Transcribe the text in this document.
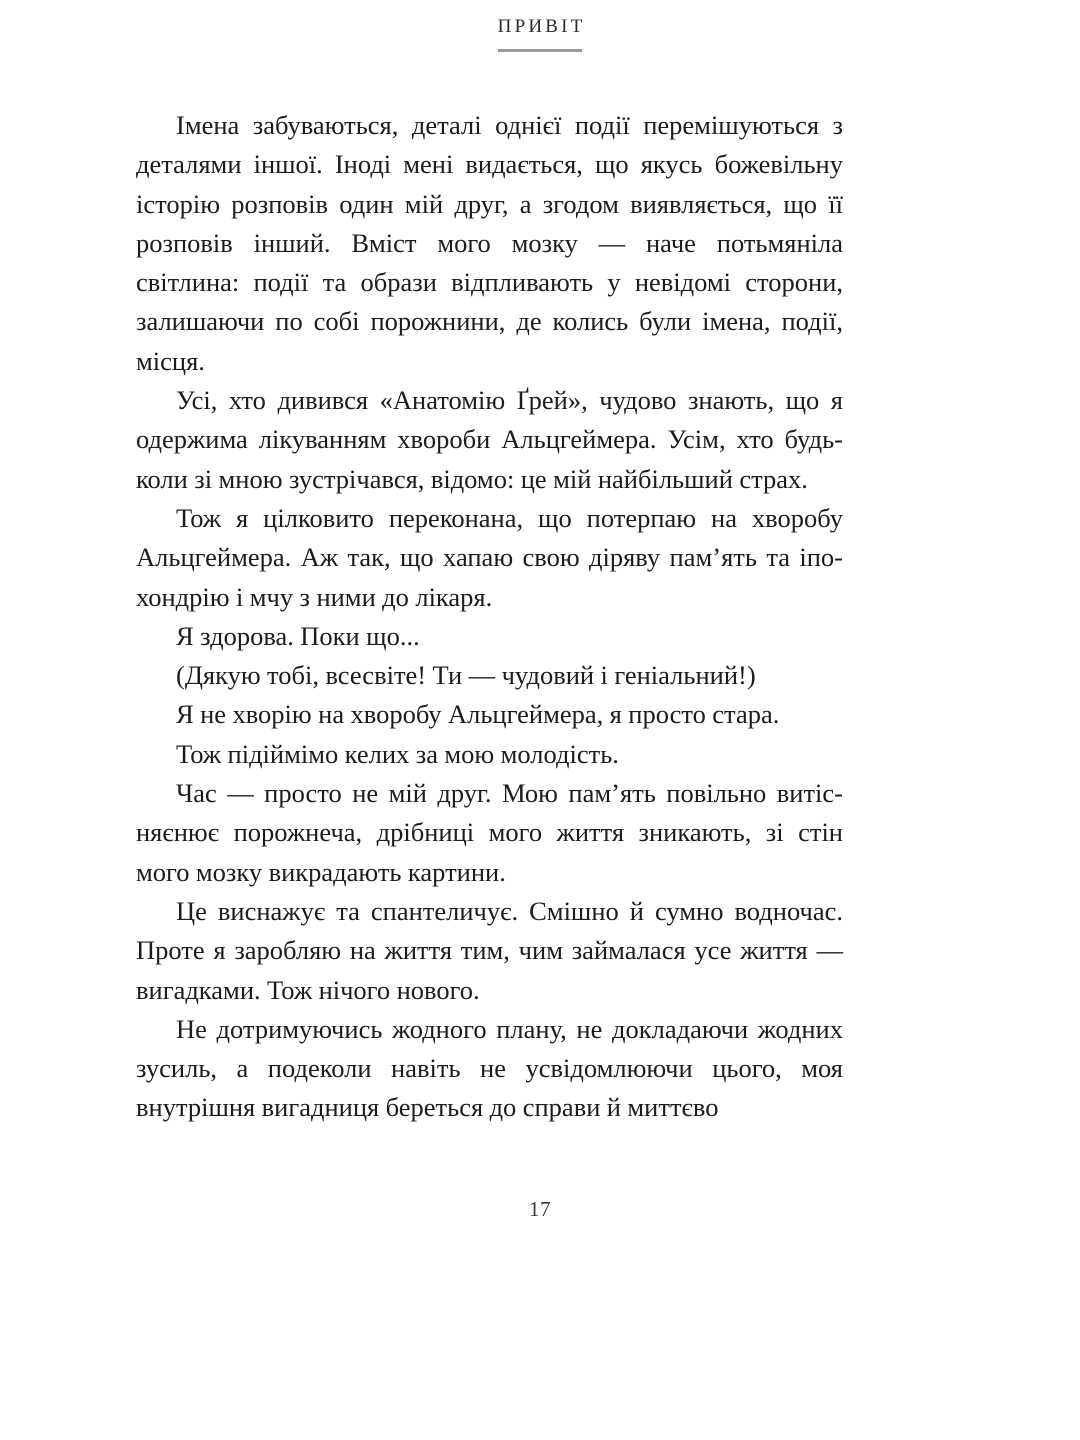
ПРИВІТ

Імена забуваються, деталі однієї події перемішуються з деталями іншої. Іноді мені видається, що якусь божевільну історію розповів один мій друг, а згодом виявляється, що її розповів інший. Вміст мого мозку — наче потьмяніла світлина: події та образи відпливають у невідомі сторони, залишаючи по собі порожнини, де колись були імена, події, місця.

Усі, хто дивився «Анатомію Ґрей», чудово знають, що я одержима лікуванням хвороби Альцгеймера. Усім, хто будь-коли зі мною зустрічався, відомо: це мій найбільший страх.

Тож я цілковито переконана, що потерпаю на хворобу Альцгеймера. Аж так, що хапаю свою діряву пам’ять та іпохондрію і мчу з ними до лікаря.

Я здорова. Поки що...

(Дякую тобі, всесвіте! Ти — чудовий і геніальний!)

Я не хворію на хворобу Альцгеймера, я просто стара.

Тож підіймімо келих за мою молодість.

Час — просто не мій друг. Мою пам’ять повільно витісняєнює порожнеча, дрібниці мого життя зникають, зі стін мого мозку викрадають картини.

Це виснажує та спантеличує. Смішно й сумно водночас. Проте я заробляю на життя тим, чим займалася усе життя — вигадками. Тож нічого нового.

Не дотримуючись жодного плану, не докладаючи жодних зусиль, а подеколи навіть не усвідомлюючи цього, моя внутрішня вигадниця береться до справи й миттєво

17
